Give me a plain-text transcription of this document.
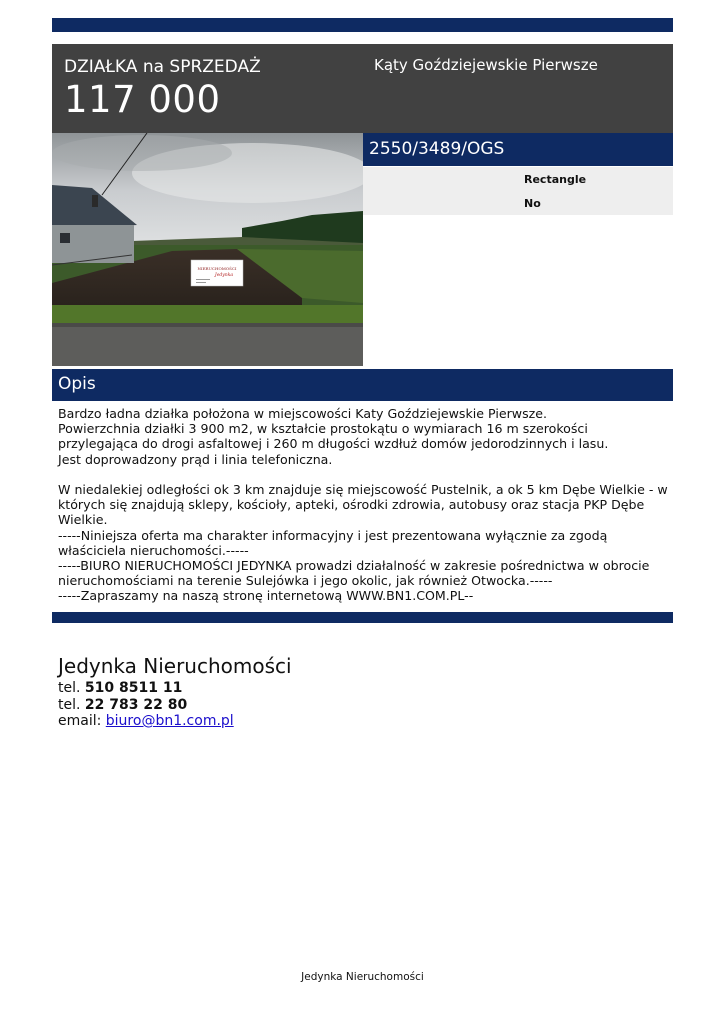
DZIAŁKA na SPRZEDAŻ
117 000
Kąty Goździejewskie Pierwsze
NIERUCHOMOŚCI
Jedynka
2550/3489/OGS
Rectangle
No
Opis

Bardzo ładna działka położona w miejscowości Katy Goździejewskie Pierwsze.

Powierzchnia działki 3 900 m2, w kształcie prostokątu o wymiarach 16 m szerokości przylegająca do drogi asfaltowej i 260 m długości wzdłuż domów jedorodzinnych i lasu.

Jest doprowadzony prąd i linia telefoniczna.

W niedalekiej odległości ok 3 km znajduje się miejscowość Pustelnik, a ok 5 km Dębe Wielkie - w których się znajdują sklepy, kościoły, apteki, ośrodki zdrowia, autobusy oraz stacja PKP Dębe Wielkie.

-----Niniejsza oferta ma charakter informacyjny i jest prezentowana wyłącznie za zgodą właściciela nieruchomości.-----

-----BIURO NIERUCHOMOŚCI JEDYNKA prowadzi działalność w zakresie pośrednictwa w obrocie nieruchomościami na terenie Sulejówka i jego okolic, jak również Otwocka.-----

-----Zapraszamy na naszą stronę internetową WWW.BN1.COM.PL--

Jedynka Nieruchomości
tel. 510 8511 11
tel. 22 783 22 80
email: biuro@bn1.com.pl
Jedynka Nieruchomości
